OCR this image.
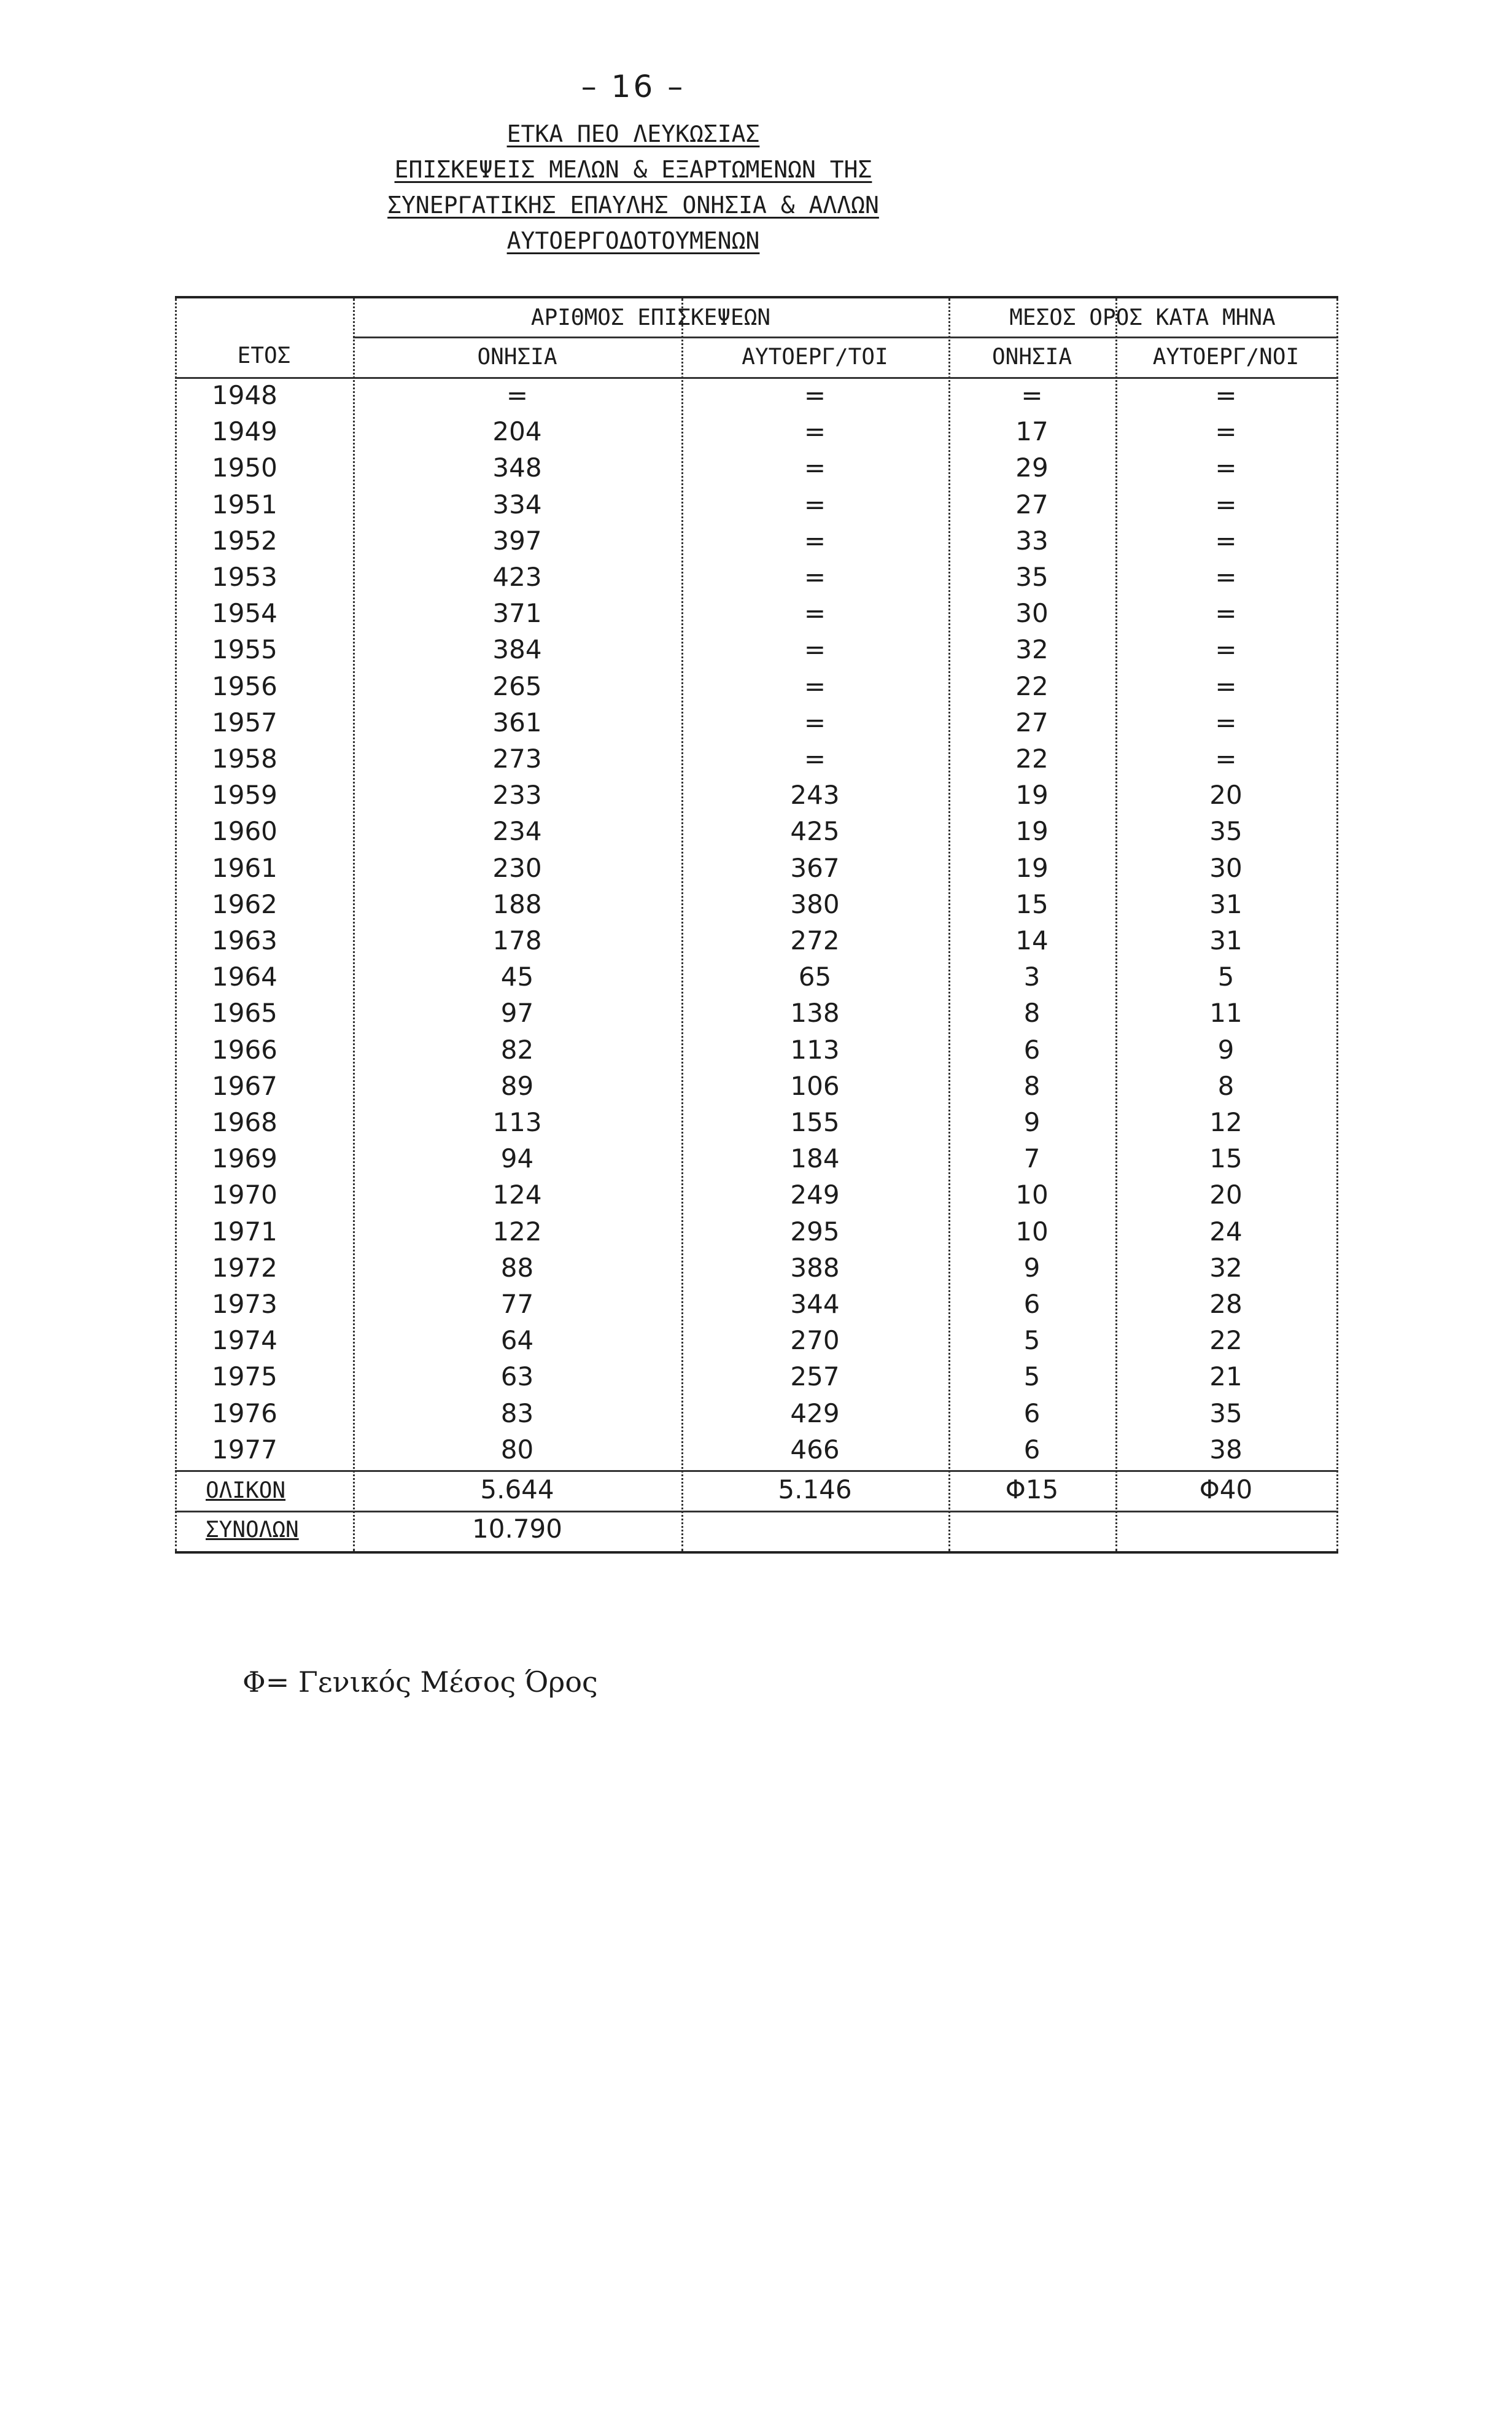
– 16 –
ΕΤΚΑ ΠΕΟ ΛΕΥΚΩΣΙΑΣ
ΕΠΙΣΚΕΨΕΙΣ ΜΕΛΩΝ & ΕΞΑΡΤΩΜΕΝΩΝ ΤΗΣ
ΣΥΝΕΡΓΑΤΙΚΗΣ ΕΠΑΥΛΗΣ ΟΝΗΣΙΑ & ΑΛΛΩΝ
ΑΥΤΟΕΡΓΟΔΟΤΟΥΜΕΝΩΝ
ΕΤΟΣ
ΑΡΙΘΜΟΣ ΕΠΙΣΚΕΨΕΩΝ	ΜΕΣΟΣ ΟΡΟΣ ΚΑΤΑ ΜΗΝΑ
ΟΝΗΣΙΑ	ΑΥΤΟΕΡΓ/ΤΟΙ	ΟΝΗΣΙΑ	ΑΥΤΟΕΡΓ/ΝΟΙ
1948	=	=	=	=
1949	204	=	17	=
1950	348	=	29	=
1951	334	=	27	=
1952	397	=	33	=
1953	423	=	35	=
1954	371	=	30	=
1955	384	=	32	=
1956	265	=	22	=
1957	361	=	27	=
1958	273	=	22	=
1959	233	243	19	20
1960	234	425	19	35
1961	230	367	19	30
1962	188	380	15	31
1963	178	272	14	31
1964	45	65	3	5
1965	97	138	8	11
1966	82	113	6	9
1967	89	106	8	8
1968	113	155	9	12
1969	94	184	7	15
1970	124	249	10	20
1971	122	295	10	24
1972	88	388	9	32
1973	77	344	6	28
1974	64	270	5	22
1975	63	257	5	21
1976	83	429	6	35
1977	80	466	6	38
ΟΛΙΚΟΝ	5.644	5.146	Φ15	Φ40
ΣΥΝΟΛΩΝ	10.790
Φ= Γενικός Μέσος Όρος
